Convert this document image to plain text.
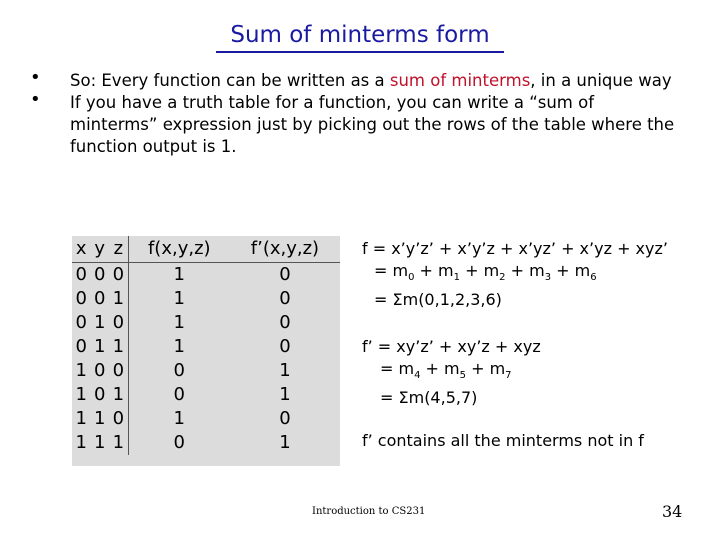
Sum of minterms form
• So: Every function can be written as a sum of minterms, in a unique way
• If you have a truth table for a function, you can write a “sum of minterms” expression just by picking out the rows of the table where the function output is 1.
x	y	z	f(x,y,z)	f’(x,y,z)
0	0	0	1	0
0	0	1	1	0
0	1	0	1	0
0	1	1	1	0
1	0	0	0	1
1	0	1	0	1
1	1	0	1	0
1	1	1	0	1
f = x’y’z’ + x’y’z + x’yz’ + x’yz + xyz’
= $m_0 + m_1 + m_2 + m_3 + m_6$
= Σm(0,1,2,3,6)
f’ = xy’z’ + xy’z + xyz
= $m_4 + m_5 + m_7$
= Σm(4,5,7)
f’ contains all the minterms not in f
Introduction to CS231	34
